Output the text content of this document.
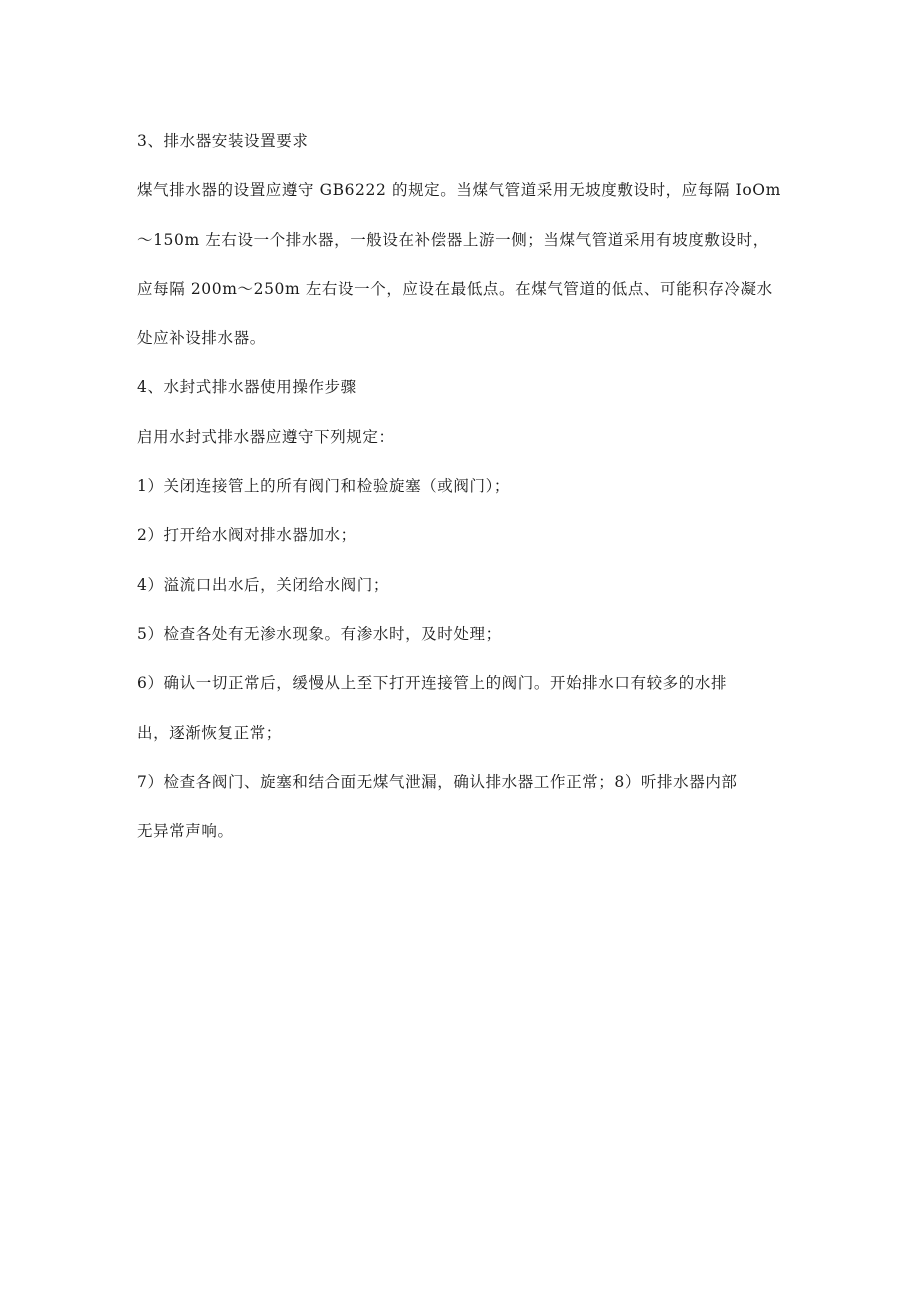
3、排水器安装设置要求

煤气排水器的设置应遵守 GB6222 的规定。当煤气管道采用无坡度敷设时，应每隔 IoOm

～150m 左右设一个排水器，一般设在补偿器上游一侧；当煤气管道采用有坡度敷设时，

应每隔 200m～250m 左右设一个，应设在最低点。在煤气管道的低点、可能积存冷凝水

处应补设排水器。

4、水封式排水器使用操作步骤

启用水封式排水器应遵守下列规定：

1）关闭连接管上的所有阀门和检验旋塞（或阀门）；

2）打开给水阀对排水器加水；

4）溢流口出水后，关闭给水阀门；

5）检查各处有无渗水现象。有渗水时，及时处理；

6）确认一切正常后，缓慢从上至下打开连接管上的阀门。开始排水口有较多的水排

出，逐渐恢复正常；

7）检查各阀门、旋塞和结合面无煤气泄漏，确认排水器工作正常；8）听排水器内部

无异常声响。
